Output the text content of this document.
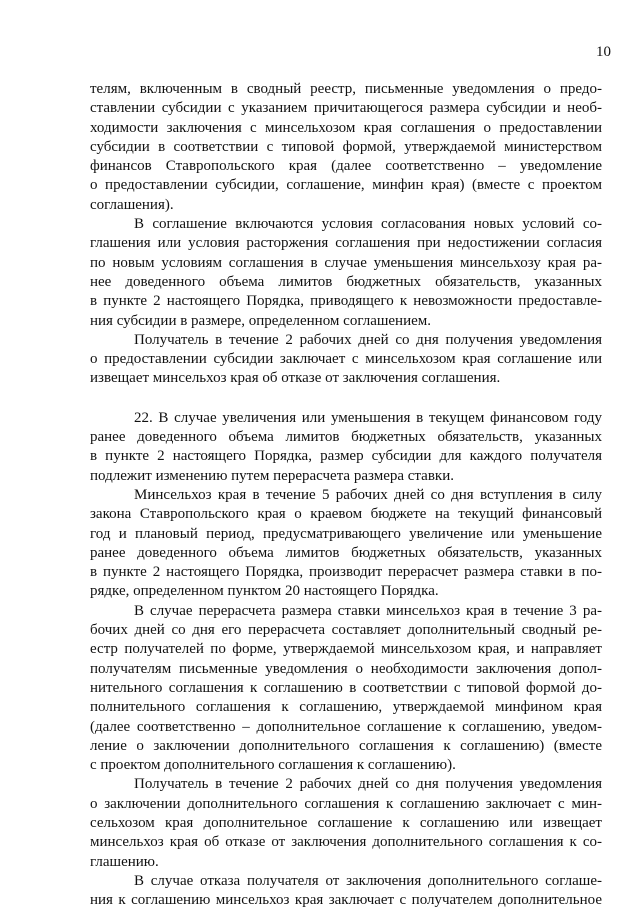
10
телям, включенным в сводный реестр, письменные уведомления о предо-
ставлении субсидии с указанием причитающегося размера субсидии и необ-
ходимости заключения с минсельхозом края соглашения о предоставлении
субсидии в соответствии с типовой формой, утверждаемой министерством
финансов Ставропольского края (далее соответственно – уведомление
о предоставлении субсидии, соглашение, минфин края) (вместе с проектом
соглашения).
В соглашение включаются условия согласования новых условий со-
глашения или условия расторжения соглашения при недостижении согласия
по новым условиям соглашения в случае уменьшения минсельхозу края ра-
нее доведенного объема лимитов бюджетных обязательств, указанных
в пункте 2 настоящего Порядка, приводящего к невозможности предоставле-
ния субсидии в размере, определенном соглашением.
Получатель в течение 2 рабочих дней со дня получения уведомления
о предоставлении субсидии заключает с минсельхозом края соглашение или
извещает минсельхоз края об отказе от заключения соглашения.
22. В случае увеличения или уменьшения в текущем финансовом году
ранее доведенного объема лимитов бюджетных обязательств, указанных
в пункте 2 настоящего Порядка, размер субсидии для каждого получателя
подлежит изменению путем перерасчета размера ставки.
Минсельхоз края в течение 5 рабочих дней со дня вступления в силу
закона Ставропольского края о краевом бюджете на текущий финансовый
год и плановый период, предусматривающего увеличение или уменьшение
ранее доведенного объема лимитов бюджетных обязательств, указанных
в пункте 2 настоящего Порядка, производит перерасчет размера ставки в по-
рядке, определенном пунктом 20 настоящего Порядка.
В случае перерасчета размера ставки минсельхоз края в течение 3 ра-
бочих дней со дня его перерасчета составляет дополнительный сводный ре-
естр получателей по форме, утверждаемой минсельхозом края, и направляет
получателям письменные уведомления о необходимости заключения допол-
нительного соглашения к соглашению в соответствии с типовой формой до-
полнительного соглашения к соглашению, утверждаемой минфином края
(далее соответственно – дополнительное соглашение к соглашению, уведом-
ление о заключении дополнительного соглашения к соглашению) (вместе
с проектом дополнительного соглашения к соглашению).
Получатель в течение 2 рабочих дней со дня получения уведомления
о заключении дополнительного соглашения к соглашению заключает с мин-
сельхозом края дополнительное соглашение к соглашению или извещает
минсельхоз края об отказе от заключения дополнительного соглашения к со-
глашению.
В случае отказа получателя от заключения дополнительного соглаше-
ния к соглашению минсельхоз края заключает с получателем дополнительное
